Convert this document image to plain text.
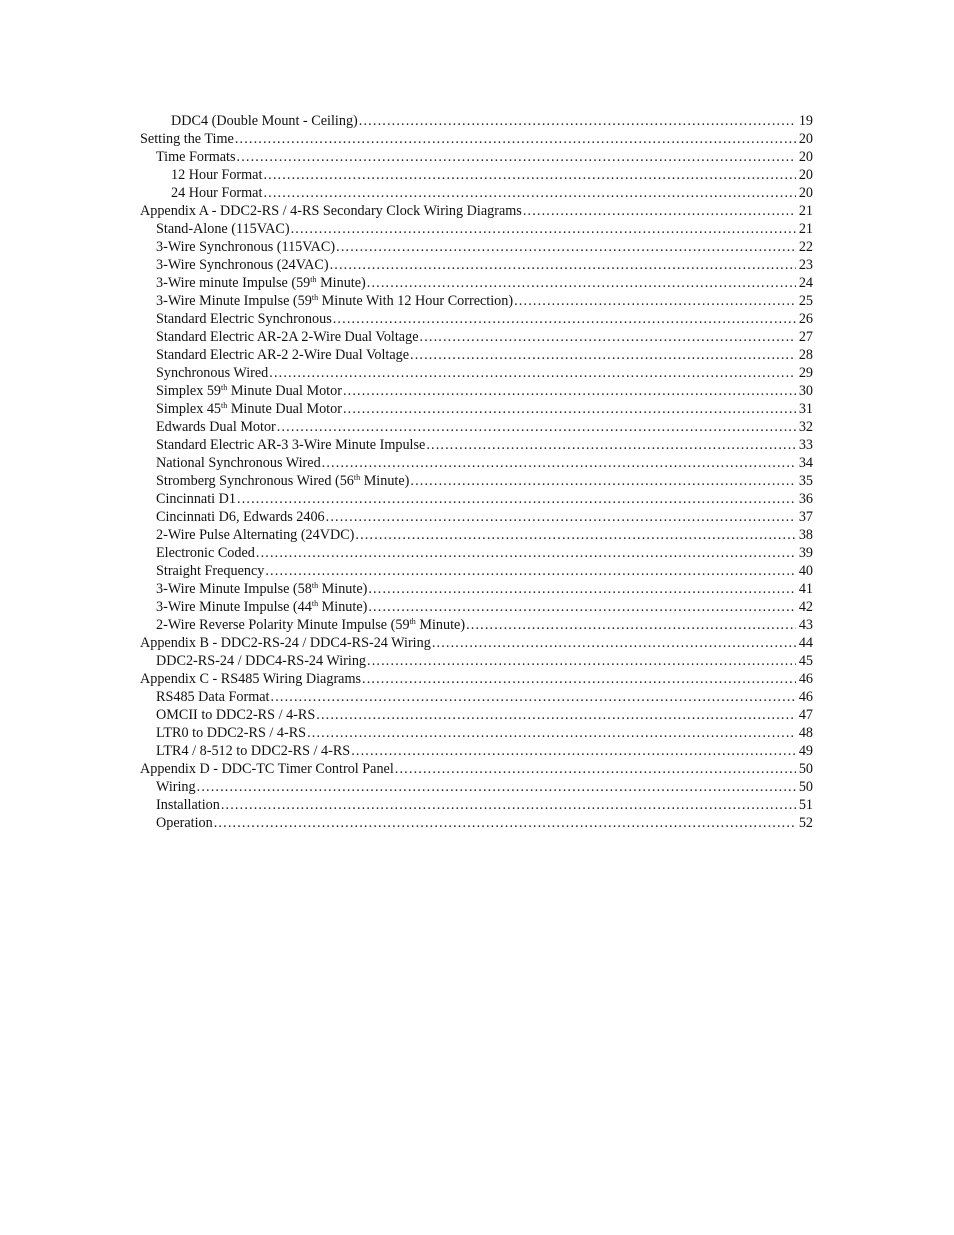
DDC4 (Double Mount - Ceiling) . . .	19
Setting the Time . . .	20
Time Formats . . .	20
12 Hour Format . . .	20
24 Hour Format . . .	20
Appendix A - DDC2-RS / 4-RS Secondary Clock Wiring Diagrams . . .	21
Stand-Alone (115VAC) . . .	21
3-Wire Synchronous (115VAC) . . .	22
3-Wire Synchronous (24VAC) . . .	23
3-Wire minute Impulse (59th Minute) . . .	24
3-Wire Minute Impulse (59th Minute With 12 Hour Correction) . . .	25
Standard Electric Synchronous . . .	26
Standard Electric AR-2A 2-Wire Dual Voltage . . .	27
Standard Electric AR-2 2-Wire Dual Voltage . . .	28
Synchronous Wired . . .	29
Simplex 59th Minute Dual Motor . . .	30
Simplex 45th Minute Dual Motor . . .	31
Edwards Dual Motor . . .	32
Standard Electric AR-3 3-Wire Minute Impulse . . .	33
National Synchronous Wired . . .	34
Stromberg Synchronous Wired (56th Minute) . . .	35
Cincinnati D1 . . .	36
Cincinnati D6, Edwards 2406 . . .	37
2-Wire Pulse Alternating (24VDC) . . .	38
Electronic Coded . . .	39
Straight Frequency . . .	40
3-Wire Minute Impulse (58th Minute) . . .	41
3-Wire Minute Impulse (44th Minute) . . .	42
2-Wire Reverse Polarity Minute Impulse (59th Minute) . . .	43
Appendix B - DDC2-RS-24 / DDC4-RS-24 Wiring . . .	44
DDC2-RS-24 / DDC4-RS-24 Wiring . . .	45
Appendix C - RS485 Wiring Diagrams . . .	46
RS485 Data Format . . .	46
OMCII to DDC2-RS / 4-RS . . .	47
LTR0 to DDC2-RS / 4-RS . . .	48
LTR4 / 8-512 to DDC2-RS / 4-RS . . .	49
Appendix D - DDC-TC Timer Control Panel . . .	50
Wiring . . .	50
Installation . . .	51
Operation . . .	52
